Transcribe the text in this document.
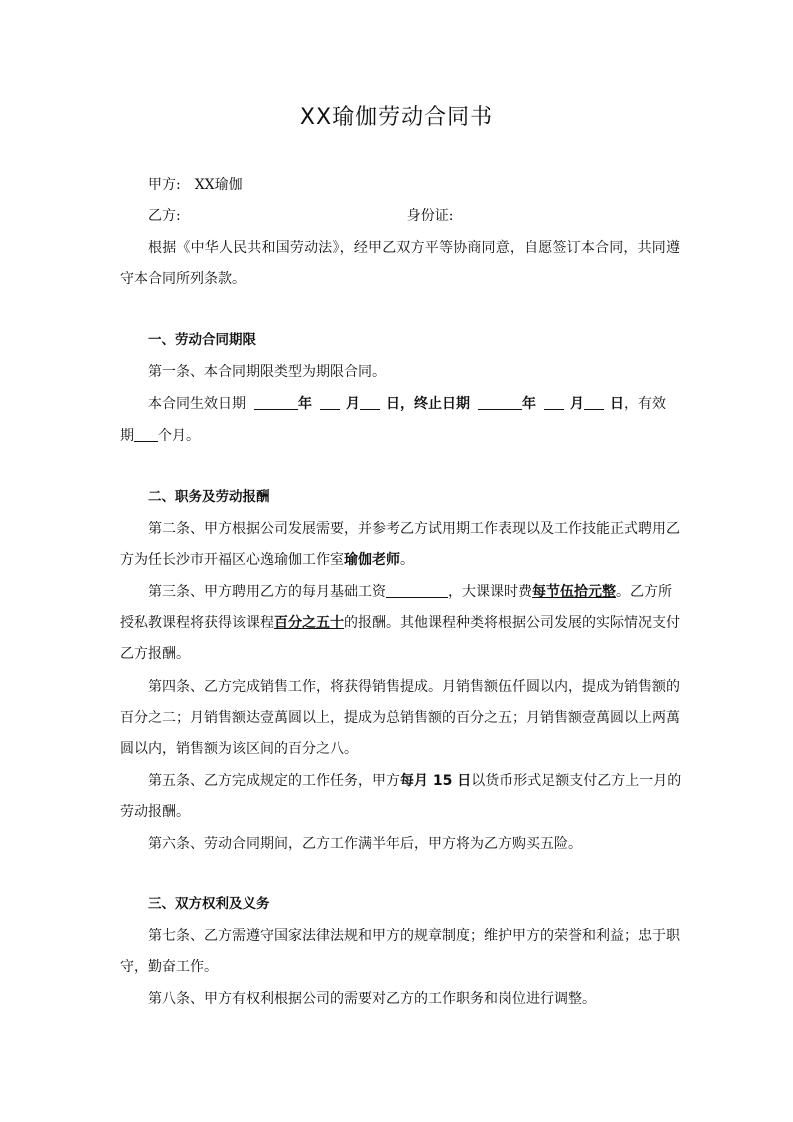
XX瑜伽劳动合同书
甲方: XX瑜伽
乙方:	身份证:
根据《中华人民共和国劳动法》，经甲乙双方平等协商同意，自愿签订本合同，共同遵
守本合同所列条款。
一、劳动合同期限
第一条、本合同期限类型为期限合同。
本合同生效日期	年 月 日，终止日期	年 月 日，有效
期 个月。
二、职务及劳动报酬
第二条、甲方根据公司发展需要，并参考乙方试用期工作表现以及工作技能正式聘用乙
方为任长沙市开福区心逸瑜伽工作室瑜伽老师。
第三条、甲方聘用乙方的每月基础工资	，大课课时费每节伍拾元整。乙方所
授私教课程将获得该课程百分之五十的报酬。其他课程种类将根据公司发展的实际情况支付
乙方报酬。
第四条、乙方完成销售工作，将获得销售提成。月销售额伍仟圆以内，提成为销售额的
百分之二；月销售额达壹萬圆以上，提成为总销售额的百分之五；月销售额壹萬圆以上两萬
圆以内，销售额为该区间的百分之八。
第五条、乙方完成规定的工作任务，甲方每月 15 日以货币形式足额支付乙方上一月的
劳动报酬。
第六条、劳动合同期间，乙方工作满半年后，甲方将为乙方购买五险。
三、双方权利及义务
第七条、乙方需遵守国家法律法规和甲方的规章制度；维护甲方的荣誉和利益；忠于职
守，勤奋工作。
第八条、甲方有权利根据公司的需要对乙方的工作职务和岗位进行调整。
